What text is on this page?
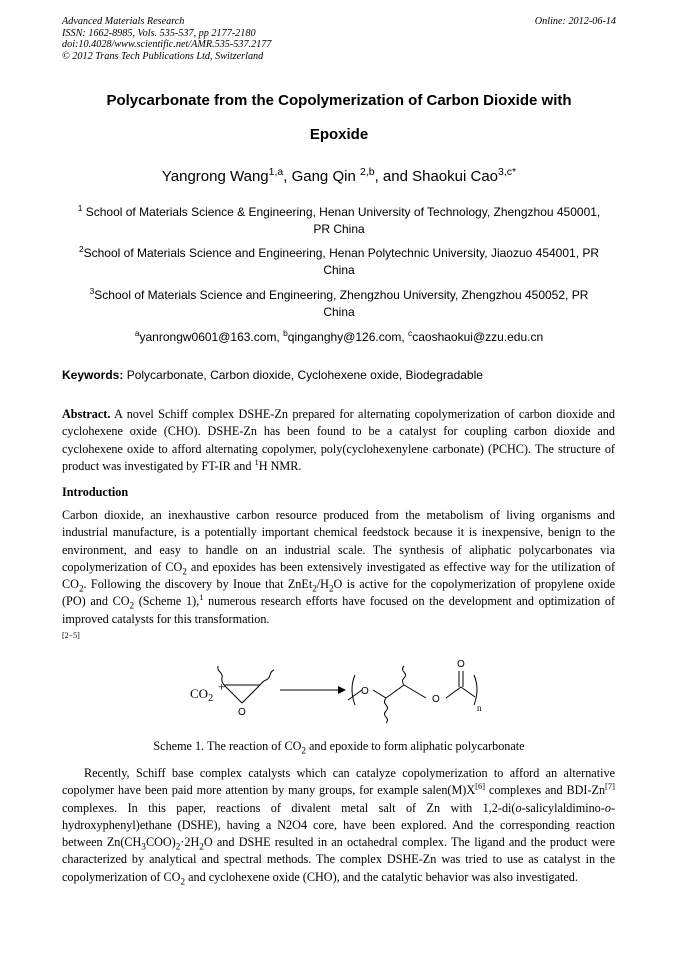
Advanced Materials Research
ISSN: 1662-8985, Vols. 535-537, pp 2177-2180
doi:10.4028/www.scientific.net/AMR.535-537.2177
© 2012 Trans Tech Publications Ltd, Switzerland
Online: 2012-06-14
Polycarbonate from the Copolymerization of Carbon Dioxide with
Epoxide
Yangrong Wang$^{1,a}$, Gang Qin $^{2,b}$, and Shaokui Cao$^{3,c*}$
$^1$ School of Materials Science & Engineering, Henan University of Technology, Zhengzhou 450001,
PR China
$^2$School of Materials Science and Engineering, Henan Polytechnic University, Jiaozuo 454001, PR
China
$^3$School of Materials Science and Engineering, Zhengzhou University, Zhengzhou 450052, PR
China
$^a$yanrongw0601@163.com, $^b$qinganghy@126.com, $^c$caoshaokui@zzu.edu.cn
Keywords: Polycarbonate, Carbon dioxide, Cyclohexene oxide, Biodegradable
Abstract. A novel Schiff complex DSHE-Zn prepared for alternating copolymerization of carbon dioxide and cyclohexene oxide (CHO). DSHE-Zn has been found to be a catalyst for coupling carbon dioxide and cyclohexene oxide to afford alternating copolymer, poly(cyclohexenylene carbonate) (PCHC). The structure of product was investigated by FT-IR and $^1$H NMR.
Introduction
Carbon dioxide, an inexhaustive carbon resource produced from the metabolism of living organisms and industrial manufacture, is a potentially important chemical feedstock because it is inexpensive, benign to the environment, and easy to handle on an industrial scale. The synthesis of aliphatic polycarbonates via copolymerization of $CO_2$ and epoxides has been extensively investigated as effective way for the utilization of $CO_2$. Following the discovery by Inoue that $ZnEt_2/H_2O$ is active for the copolymerization of propylene oxide (PO) and $CO_2$ (Scheme 1),$^1$ numerous research efforts have focused on the development and optimization of improved catalysts for this transformation.
[2−5]
$CO_2$
+
O
O
O
O
n
Scheme 1. The reaction of $CO_2$ and epoxide to form aliphatic polycarbonate
Recently, Schiff base complex catalysts which can catalyze copolymerization to afford an alternative copolymer have been paid more attention by many groups, for example salen(M)X[6] complexes and BDI-Zn[7] complexes. In this paper, reactions of divalent metal salt of Zn with 1,2-di(o-salicylaldimino-o-hydroxyphenyl)ethane (DSHE), having a N2O4 core, have been explored. And the corresponding reaction between $Zn(CH_3COO)_2\cdot 2H_2O$ and DSHE resulted in an octahedral complex. The ligand and the product were characterized by analytical and spectral methods. The complex DSHE-Zn was tried to use as catalyst in the copolymerization of $CO_2$ and cyclohexene oxide (CHO), and the catalytic behavior was also investigated.
